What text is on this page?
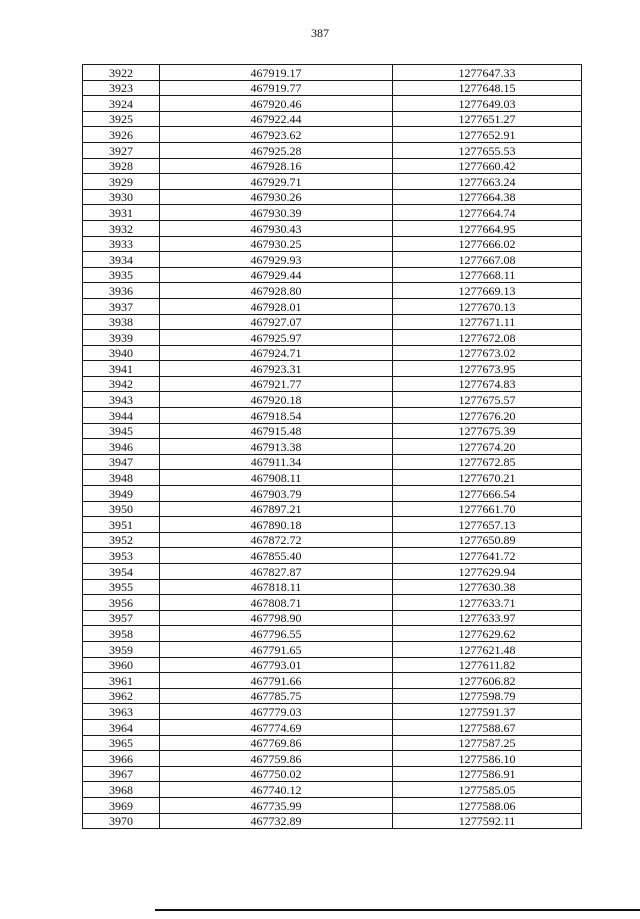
387
3922	467919.17	1277647.33
3923	467919.77	1277648.15
3924	467920.46	1277649.03
3925	467922.44	1277651.27
3926	467923.62	1277652.91
3927	467925.28	1277655.53
3928	467928.16	1277660.42
3929	467929.71	1277663.24
3930	467930.26	1277664.38
3931	467930.39	1277664.74
3932	467930.43	1277664.95
3933	467930.25	1277666.02
3934	467929.93	1277667.08
3935	467929.44	1277668.11
3936	467928.80	1277669.13
3937	467928.01	1277670.13
3938	467927.07	1277671.11
3939	467925.97	1277672.08
3940	467924.71	1277673.02
3941	467923.31	1277673.95
3942	467921.77	1277674.83
3943	467920.18	1277675.57
3944	467918.54	1277676.20
3945	467915.48	1277675.39
3946	467913.38	1277674.20
3947	467911.34	1277672.85
3948	467908.11	1277670.21
3949	467903.79	1277666.54
3950	467897.21	1277661.70
3951	467890.18	1277657.13
3952	467872.72	1277650.89
3953	467855.40	1277641.72
3954	467827.87	1277629.94
3955	467818.11	1277630.38
3956	467808.71	1277633.71
3957	467798.90	1277633.97
3958	467796.55	1277629.62
3959	467791.65	1277621.48
3960	467793.01	1277611.82
3961	467791.66	1277606.82
3962	467785.75	1277598.79
3963	467779.03	1277591.37
3964	467774.69	1277588.67
3965	467769.86	1277587.25
3966	467759.86	1277586.10
3967	467750.02	1277586.91
3968	467740.12	1277585.05
3969	467735.99	1277588.06
3970	467732.89	1277592.11
